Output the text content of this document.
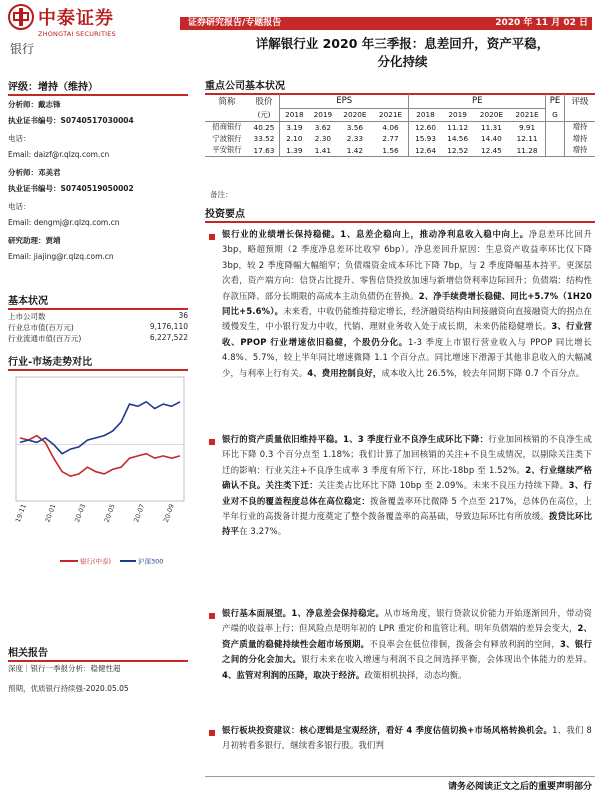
中泰证券
ZHONGTAI SECURITIES
证券研究报告/专题报告	2020 年 11 月 02 日
银行	详解银行业 2020 年三季报：息差回升，资产平稳，
分化持续
评级：增持（维持）
分析师：戴志锋
执业证书编号：S0740517030004
电话：
Email: daizf@r.qlzq.com.cn
分析师：邓美君
执业证书编号：S0740519050002
电话：
Email: dengmj@r.qlzq.com.cn
研究助理：贾靖
Email: jiajing@r.qlzq.com.cn
基本状况
上市公司数	36
行业总市值(百万元)	9,176,110
行业流通市值(百万元)	6,227,522
行业-市场走势对比
19-11 20-01 20-03 20-05 20-07 20-09
银行(中泰)	沪深300
相关报告
深度｜银行一季报分析：稳健性超
预期，优质银行持续强-2020.05.05
重点公司基本状况
简称	股价	EPS				PE				PE	评级
	(元)	2018	2019	2020E	2021E	2018	2019	2020E	2021E	G	
招商银行	40.25	3.19	3.62	3.56	4.06	12.60	11.12	11.31	9.91		增持
宁波银行	33.52	2.10	2.30	2.33	2.77	15.93	14.56	14.40	12.11		增持
平安银行	17.63	1.39	1.41	1.42	1.56	12.64	12.52	12.45	11.28		增持
备注：
投资要点
银行业的业绩增长保持稳健。1、息差企稳向上，推动净利息收入稳中向上。净息差环比回升 3bp，略超预期（2 季度净息差环比收窄 6bp）。净息差回升原因：生息资产收益率环比仅下降 3bp，较 2 季度降幅大幅缩窄；负债端资金成本环比下降 7bp，与 2 季度降幅基本持平。更深层次看，资产端方向：信贷占比提升、零售信贷投放加速与新增信贷利率边际回升；负债端：结构性存款压降、部分长期限的高成本主动负债仍在替换。2、净手续费增长稳健、同比+5.7%（1H20 同比+5.6%）。未来看，中收仍能维持稳定增长，经济融资结构由间接融资向直接融资大的拐点在缓慢发生，中小银行发力中收，代销、理财业务收入处于成长期，未来仍能稳健增长。3、行业营收、PPOP 行业增速依旧稳健，个股仍分化。1-3 季度上市银行营业收入与 PPOP 同比增长 4.8%、5.7%，较上半年同比增速微降 1.1 个百分点。同比增速下滑源于其他非息收入的大幅减少，与利率上行有关。4、费用控制良好，成本收入比 26.5%，较去年同期下降 0.7 个百分点。
银行的资产质量依旧维持平稳。1、3 季度行业不良净生成环比下降：行业加回核销的不良净生成环比下降 0.3 个百分点至 1.18%；我们计算了加回核销的关注+不良生成情况，以剔除关注类下迁的影响：行业关注+不良净生成率 3 季度有所下行，环比-18bp 至 1.52%。2、行业继续严格确认不良。关注类下迁：关注类占比环比下降 10bp 至 2.09%。未来不良压力持续下降。3、行业对不良的覆盖程度总体在高位稳定：拨备覆盖率环比微降 5 个点至 217%，总体仍在高位，上半年行业的高拨备计提力度奠定了整个拨备覆盖率的高基础，导致边际环比有所放缓。拨贷比环比持平在 3.27%。
银行基本面展望。1、净息差会保持稳定。从市场角度，银行贷款议价能力开始逐渐回升，带动资产端的收益率上行；但风险点是明年初的 LPR 重定价和监管让利。明年负债端的差异会变大，2、资产质量的稳健持续性会超市场预期。不良率会在低位徘徊，拨备会有释放利润的空间，3、银行之间的分化会加大。银行未来在收入增速与利润不良之间选择平衡，会体现出个体能力的差异。4、监管对利润的压降，取决于经济。政策相机抉择，动态均衡。
银行板块投资建议：核心逻辑是宝观经济，看好 4 季度估值切换+市场风格转换机会。1、我们 8 月初转看多银行，继续看多银行股。我们判
请务必阅读正文之后的重要声明部分
